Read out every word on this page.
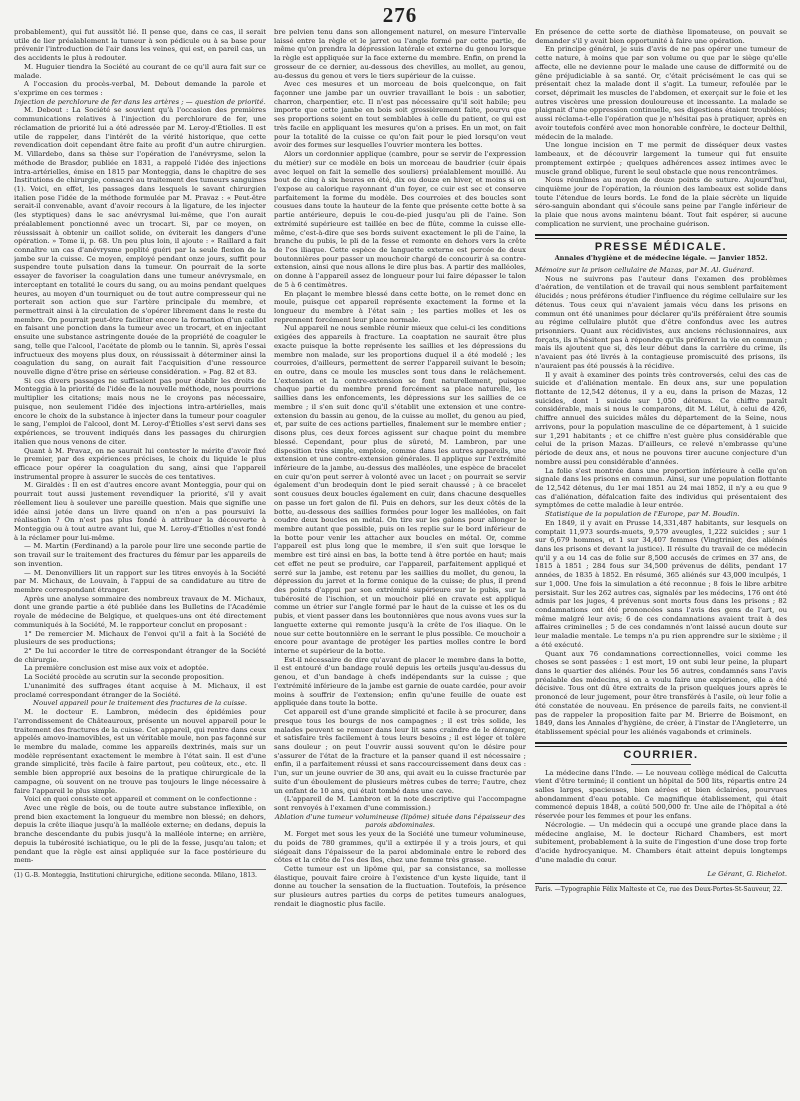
276

probablement), qui fut aussitôt lié. Il pense que, dans ce cas, il serait utile de lier préalablement la tumeur à son pédicule ou à sa base pour prévenir l'introduction de l'air dans les veines, qui est, en pareil cas, un des accidents le plus à redouter.

M. Huguier tiendra la Société au courant de ce qu'il aura fait sur ce malade.

A l'occasion du procès-verbal, M. Debout demande la parole et s'exprime en ces termes :

Injection de perchlorure de fer dans les artères ; — question de priorité.

M. Debout : La Société se souvient qu'à l'occasion des premières communications relatives à l'injection du perchlorure de fer, une réclamation de priorité lui a été adressée par M. Leroy-d'Étiolles. Il est utile de rappeler, dans l'intérêt de la vérité historique, que cette revendication doit cependant être faite au profit d'un autre chirurgien. M. Villardebo, dans sa thèse sur l'opération de l'anévrysme, selon la méthode de Brasdor, publiée en 1831, a rappelé l'idée des injections intra-artérielles, émise en 1815 par Monteggia, dans le chapitre de ses Institutions de chirurgie, consacré au traitement des tumeurs sanguines (1). Voici, en effet, les passages dans lesquels le savant chirurgien italien pose l'idée de la méthode formulée par M. Pravaz : « Peut-être serait-il convenable, avant d'avoir recours à la ligature, de les injecter (les styptiques) dans le sac anévrysmal lui-même, que l'on aurait préalablement ponctionné avec un trocart. Si, par ce moyen, on réussissait à obtenir un caillot solide, on éviterait les dangers d'une opération. » Tome ii, p. 68. Un peu plus loin, il ajoute : « Raillard a fait connaître un cas d'anévrysme poplité guéri par la seule flexion de la jambe sur la cuisse. Ce moyen, employé pendant onze jours, suffit pour suspendre toute pulsation dans la tumeur. On pourrait de la sorte essayer de favoriser la coagulation dans une tumeur anévrysmale, en interceptant en totalité le cours du sang, ou au moins pendant quelques heures, au moyen d'un tourniquet ou de tout autre compresseur qui ne porterait son action que sur l'artère principale du membre, et permettrait ainsi à la circulation de s'opérer librement dans le reste du membre. On pourrait peut-être faciliter encore la formation d'un caillot en faisant une ponction dans la tumeur avec un trocart, et en injectant ensuite une substance astringente douée de la propriété de coaguler le sang, telle que l'alcool, l'acétate de plomb ou le tannin. Si, après l'essai infructueux des moyens plus doux, on réussissait à déterminer ainsi la coagulation du sang, on aurait fait l'acquisition d'une ressource nouvelle digne d'être prise en sérieuse considération. » Pag. 82 et 83.

Si ces divers passages ne suffisaient pas pour établir les droits de Monteggia à la priorité de l'idée de la nouvelle méthode, nous pourrions multiplier les citations; mais nous ne le croyons pas nécessaire, puisque, non seulement l'idée des injections intra-artérielles, mais encore le choix de la substance à injecter dans la tumeur pour coaguler le sang, l'emploi de l'alcool, dont M. Leroy-d'Étiolles s'est servi dans ses expériences, se trouvent indiqués dans les passages du chirurgien italien que nous venons de citer.

Quant à M. Pravaz, on ne saurait lui contester le mérite d'avoir fixé le premier, par des expériences précises, le choix du liquide le plus efficace pour opérer la coagulation du sang, ainsi que l'appareil instrumental propre à assurer le succès de ces tentatives.

M. Giraldès : Il en est d'autres encore avant Monteggia, pour qui on pourrait tout aussi justement revendiquer la priorité, s'il y avait réellement lieu à soulever une pareille question. Mais que signifie une idée ainsi jetée dans un livre quand on n'en a pas poursuivi la réalisation ? On n'est pas plus fondé à attribuer la découverte à Monteggia ou à tout autre avant lui, que M. Leroy-d'Étiolles n'est fondé à la réclamer pour lui-même.

— M. Martin (Ferdinand) a la parole pour lire une seconde partie de son travail sur le traitement des fractures du fémur par les appareils de son invention.

— M. Denonvilliers lit un rapport sur les titres envoyés à la Société par M. Michaux, de Louvain, à l'appui de sa candidature au titre de membre correspondant étranger.

Après une analyse sommaire des nombreux travaux de M. Michaux, dont une grande partie a été publiée dans les Bulletins de l'Académie royale de médecine de Belgique, et quelques-uns ont été directement communiqués à la Société, M. le rapporteur conclut en proposant :

1° De remercier M. Michaux de l'envoi qu'il a fait à la Société de plusieurs de ses productions;

2° De lui accorder le titre de correspondant étranger de la Société de chirurgie.

La première conclusion est mise aux voix et adoptée.

La Société procède au scrutin sur la seconde proposition.

L'unanimité des suffrages étant acquise à M. Michaux, il est proclamé correspondant étranger de la Société.

Nouvel appareil pour le traitement des fractures de la cuisse.

M. le docteur E. Lambron, médecin des épidémies pour l'arrondissement de Châteauroux, présente un nouvel appareil pour le traitement des fractures de la cuisse. Cet appareil, qui rentre dans ceux appelés amovo-inamovibles, est un véritable moule, non pas façonné sur le membre du malade, comme les appareils dextrinés, mais sur un modèle représentant exactement le membre à l'état sain. Il est d'une grande simplicité, très facile à faire partout, peu coûteux, etc., etc. Il semble bien approprié aux besoins de la pratique chirurgicale de la campagne, où souvent on ne trouve pas toujours le linge nécessaire à faire l'appareil le plus simple.

Voici en quoi consiste cet appareil et comment on le confectionne :

Avec une règle de bois, ou de toute autre substance inflexible, on prend bien exactement la longueur du membre non blessé; en dehors, depuis la crête iliaque jusqu'à la malléole externe; en dedans, depuis la branche descendante du pubis jusqu'à la malléole interne; en arrière, depuis la tubérosité ischiatique, ou le pli de la fesse, jusqu'au talon; et pendant que la règle est ainsi appliquée sur la face postérieure du mem-

(1) G.-B. Monteggia, Institutioni chirurgiche, editione seconda. Milano, 1813.

bre pelvien tenu dans son allongement naturel, on mesure l'intervalle laissé entre la règle et le jarret ou l'angle formé par cette partie, de même qu'on prendra la dépression latérale et externe du genou lorsque la règle est appliquée sur la face externe du membre. Enfin, on prend la grosseur de ce dernier, au-dessous des chevilles, au mollet, au genou, au-dessus du genou et vers le tiers supérieur de la cuisse.

Avec ces mesures et un morceau de bois quelconque, on fait façonner une jambe par un ouvrier travaillant le bois : un sabotier, charron, charpentier, etc. Il n'est pas nécessaire qu'il soit habile; peu importe que cette jambe en bois soit grossièrement faite, pourvu que ses proportions soient en tout semblables à celle du patient, ce qui est très facile en appliquant les mesures qu'on a prises. En un mot, on fait pour la totalité de la cuisse ce qu'on fait pour le pied lorsqu'on veut avoir des formes sur lesquelles l'ouvrier montera les bottes.

Alors un cordonnier applique (cambre, pour se servir de l'expression du métier) sur ce modèle en bois un morceau de baudrier (cuir épais avec lequel on fait la semelle des souliers) préalablement mouillé. Au bout de cinq à six heures en été, dix ou douze en hiver, et moins si on l'expose au calorique rayonnant d'un foyer, ce cuir est sec et conserve parfaitement la forme du modèle. Des courroies et des boucles sont cousues dans toute la hauteur de la fente que présente cette botte à sa partie antérieure, depuis le cou-de-pied jusqu'au pli de l'aine. Son extrémité supérieure est taillée en bec de flûte, comme la cuisse elle-même, c'est-à-dire que ses bords suivent exactement le pli de l'aine, la branche du pubis, le pli de la fesse et remonte en dehors vers la crête de l'os iliaque. Cette espèce de languette externe est percée de deux boutonnières pour passer un mouchoir chargé de concourir à sa contre-extension, ainsi que nous allons le dire plus bas. A partir des malléoles, on donne à l'appareil assez de longueur pour lui faire dépasser le talon de 5 à 6 centimètres.

En plaçant le membre blessé dans cette botte, on le remet donc en moule, puisque cet appareil représente exactement la forme et la longueur du membre à l'état sain ; les parties molles et les os reprennent forcément leur place normale.

Nul appareil ne nous semble réunir mieux que celui-ci les conditions exigées des appareils à fracture. La coaptation ne saurait être plus exacte puisque la botte représente les saillies et les dépressions du membre non malade, sur les proportions duquel il a été modelé ; les courroies, d'ailleurs, permettent de serrer l'appareil suivant le besoin; en outre, dans ce moule les muscles sont tous dans le relâchement. L'extension et la contre-extension se font naturellement, puisque chaque partie du membre prend forcément sa place naturelle, les saillies dans les enfoncements, les dépressions sur les saillies de ce membre ; il s'en suit donc qu'il s'établit une extension et une contre-extension du bassin au genou, de la cuisse au mollet, du genou au pied, et, par suite de ces actions partielles, finalement sur le membre entier ; disons plus, ces deux forces agissent sur chaque point du membre blessé. Cependant, pour plus de sûreté, M. Lambron, par une disposition très simple, emploie, comme dans les autres appareils, une extension et une contre-extension générales. Il applique sur l'extrémité inférieure de la jambe, au-dessus des malléoles, une espèce de bracelet en cuir qu'on peut serrer à volonté avec un lacet ; on pourrait se servir également d'un brodequin dont le pied serait chaussé ; à ce bracelet sont cousues deux boucles également en cuir, dans chacune desquelles on passe un fort galon de fil. Puis en dehors, sur les deux côtés de la botte, au-dessous des saillies formées pour loger les malléoles, on fait coudre deux boucles en métal. On tire sur les galons pour allonger le membre autant que possible, puis on les replie sur le bord inférieur de la botte pour venir les attacher aux boucles en métal. Or, comme l'appareil est plus long que le membre, il s'en suit que lorsque le membre est tiré ainsi en bas, la botte tend à être portée en haut; mais cet effet ne peut se produire, car l'appareil, parfaitement appliqué et serré sur la jambe, est retenu par les saillies du mollet, du genou, la dépression du jarret et la forme conique de la cuisse; de plus, il prend des points d'appui par son extrémité supérieure sur le pubis, sur la tubérosité de l'ischion, et un mouchoir plié en cravate est appliqué comme un étrier sur l'angle formé par le haut de la cuisse et les os du pubis, et vient passer dans les boutonnières que nous avons vues sur la languette externe qui remonte jusqu'à la crête de l'os iliaque. On le noue sur cette boutonnière en le serrant le plus possible. Ce mouchoir a encore pour avantage de protéger les parties molles contre le bord interne et supérieur de la botte.

Est-il nécessaire de dire qu'avant de placer le membre dans la botte, il est entouré d'un bandage roulé depuis les orteils jusqu'au-dessus du genou, et d'un bandage à chefs indépendants sur la cuisse ; que l'extrémité inférieure de la jambe est garnie de ouate cardée, pour avoir moins à souffrir de l'extension; enfin qu'une feuille de ouate est appliquée dans toute la botte.

Cet appareil est d'une grande simplicité et facile à se procurer, dans presque tous les bourgs de nos campagnes ; il est très solide, les malades peuvent se remuer dans leur lit sans craindre de le déranger, et satisfaire très facilement à tous leurs besoins ; il est léger et tolère sans douleur ; on peut l'ouvrir aussi souvent qu'on le désire pour s'assurer de l'état de la fracture et la panser quand il est nécessaire ; enfin, il a parfaitement réussi et sans raccourcissement dans deux cas : l'un, sur un jeune ouvrier de 30 ans, qui avait eu la cuisse fracturée par suite d'un éboulement de plusieurs mètres cubes de terre; l'autre, chez un enfant de 10 ans, qui était tombé dans une cave.

(L'appareil de M. Lambron et la note descriptive qui l'accompagne sont renvoyés à l'examen d'une commission.)

Ablation d'une tumeur volumineuse (lipôme) située dans l'épaisseur des parois abdominales.

M. Forget met sous les yeux de la Société une tumeur volumineuse, du poids de 780 grammes, qu'il a extirpée il y a trois jours, et qui siégeait dans l'épaisseur de la paroi abdominale entre le rebord des côtes et la crête de l'os des îles, chez une femme très grasse.

Cette tumeur est un lipôme qui, par sa consistance, sa mollesse élastique, pouvait faire croire à l'existence d'un kyste liquide, tant il donne au toucher la sensation de la fluctuation. Toutefois, la présence sur plusieurs autres parties du corps de petites tumeurs analogues, rendait le diagnostic plus facile.

En présence de cette sorte de diathèse lipomateuse, on pouvait se demander s'il y avait bien opportunité à faire une opération.

En principe général, je suis d'avis de ne pas opérer une tumeur de cette nature, à moins que par son volume ou que par le siège qu'elle affecte, elle ne devienne pour le malade une cause de difformité ou de gêne préjudiciable à sa santé. Or, c'était précisément le cas qui se présentait chez la malade dont il s'agit. La tumeur, refoulée par le corset, déprimait les muscles de l'abdomen, et exerçait sur le foie et les autres viscères une pression douloureuse et incessante. La malade se plaignait d'une oppression continuelle, ses digestions étaient troublées; aussi réclama-t-elle l'opération que je n'hésitai pas à pratiquer, après en avoir toutefois conféré avec mon honorable confrère, le docteur Delthil, médecin de la malade.

Une longue incision en T me permit de disséquer deux vastes lambeaux, et de découvrir largement la tumeur qui fut ensuite promptement extirpée ; quelques adhérences assez intimes avec le muscle grand oblique, furent le seul obstacle que nous rencontrâmes.

Nous réunîmes au moyen de douze points de suture. Aujourd'hui, cinquième jour de l'opération, la réunion des lambeaux est solide dans toute l'étendue de leurs bords. Le fond de la plaie sécrète un liquide séro-sanguin abondant qui s'écoule sans peine par l'angle inférieur de la plaie que nous avons maintenu béant. Tout fait espérer, si aucune complication ne survient, une prochaine guérison.

PRESSE MÉDICALE.
Annales d'hygiène et de médecine légale. — Janvier 1852.

Mémoire sur la prison cellulaire de Mazas, par M. Al. Guérard.

Nous ne suivrons pas l'auteur dans l'examen des problèmes d'aération, de ventilation et de travail qui nous semblent parfaitement élucidés ; nous préférons étudier l'influence du régime cellulaire sur les détenus. Tous ceux qui n'avaient jamais vécu dans les prisons en commun ont été unanimes pour déclarer qu'ils préféraient être soumis au régime cellulaire plutôt que d'être confondus avec les autres prisonniers. Quant aux récidivistes, aux anciens réclusionnaires, aux forçats, ils n'hésitent pas à répondre qu'ils préfèrent la vie en commun ; mais ils ajoutent que si, dès leur début dans la carrière du crime, ils n'avaient pas été livrés à la contagieuse promiscuité des prisons, ils n'auraient pas été poussés à la récidive.

Il y avait à examiner des points très controversés, celui des cas de suicide et d'aliénation mentale. En deux ans, sur une population flottante de 12,542 détenus, il y a eu, dans la prison de Mazas, 12 suicides, dont 1 suicide sur 1,050 détenus. Ce chiffre paraît considérable, mais si nous le comparons, dit M. Lélut, à celui de 426, chiffre annuel des suicides mâles du département de la Seine, nous arrivons, pour la population masculine de ce département, à 1 suicide sur 1,291 habitants ; et ce chiffre n'est guère plus considérable que celui de la prison Mazas. D'ailleurs, ce relevé n'embrasse qu'une période de deux ans, et nous ne pouvons tirer aucune conjecture d'un nombre aussi peu considérable d'années.

La folie s'est montrée dans une proportion inférieure à celle qu'on signale dans les prisons en commun. Ainsi, sur une population flottante de 12,542 détenus, du 1er mai 1851 au 24 mai 1852, il n'y a eu que 9 cas d'aliénation, défalcation faite des individus qui présentaient des symptômes de cette maladie à leur entrée.

Statistique de la population de l'Europe, par M. Boudin.

En 1849, il y avait en Prusse 14,331,487 habitants, sur lesquels on comptait 11,973 sourds-muets, 9,579 aveugles, 1,222 suicides ; sur 1 sur 6,679 hommes, et 1 sur 34,407 femmes (Vingtrinier, des aliénés dans les prisons et devant la justice). Il résulte du travail de ce médecin qu'il y a eu 14 cas de folie sur 8,500 accusés de crimes en 37 ans, de 1815 à 1851 ; 284 fous sur 34,500 prévenus de délits, pendant 17 années, de 1835 à 1852. En résumé, 365 aliénés sur 43,000 inculpés, 1 sur 1,000. Une fois la simulation a été reconnue ; 8 fois le libre arbitre persistait. Sur les 262 autres cas, signalés par les médecins, 176 ont été admis par les juges, 4 prévenus sont morts fous dans les prisons ; 82 condamnations ont été prononcées sans l'avis des gens de l'art, ou même malgré leur avis; 6 de ces condamnations avaient trait à des affaires criminelles ; 5 de ces condamnés n'ont laissé aucun doute sur leur maladie mentale. Le temps n'a pu rien apprendre sur le sixième ; il a été exécuté.

Quant aux 76 condamnations correctionnelles, voici comme les choses se sont passées : 1 est mort, 19 ont subi leur peine, la plupart dans le quartier des aliénés. Pour les 56 autres, condamnés sans l'avis préalable des médecins, si on a voulu faire une expérience, elle a été décisive. Tous ont dû être extraits de la prison quelques jours après le prononcé de leur jugement, pour être transférés à l'asile, où leur folie a été constatée de nouveau. En présence de pareils faits, ne convient-il pas de rappeler la proposition faite par M. Brierre de Boismont, en 1849, dans les Annales d'hygiène, de créer, à l'instar de l'Angleterre, un établissement spécial pour les aliénés vagabonds et criminels.

COURRIER.

La médecine dans l'Inde. — Le nouveau collège médical de Calcutta vient d'être terminé; il contient un hôpital de 500 lits, répartis entre 24 salles larges, spacieuses, bien aérées et bien éclairées, pourvues abondamment d'eau potable. Ce magnifique établissement, qui était commencé depuis 1848, a coûté 500,000 fr. Une aile de l'hôpital a été réservée pour les femmes et pour les enfans.

Nécrologie. — Un médecin qui a occupé une grande place dans la médecine anglaise, M. le docteur Richard Chambers, est mort subitement, probablement à la suite de l'ingestion d'une dose trop forte d'acide hydrocyanique. M. Chambers était atteint depuis longtemps d'une maladie du cœur.

Le Gérant, G. Richelot.
Paris. —Typographie Félix Malteste et Ce, rue des Deux-Portes-St-Sauveur, 22.
